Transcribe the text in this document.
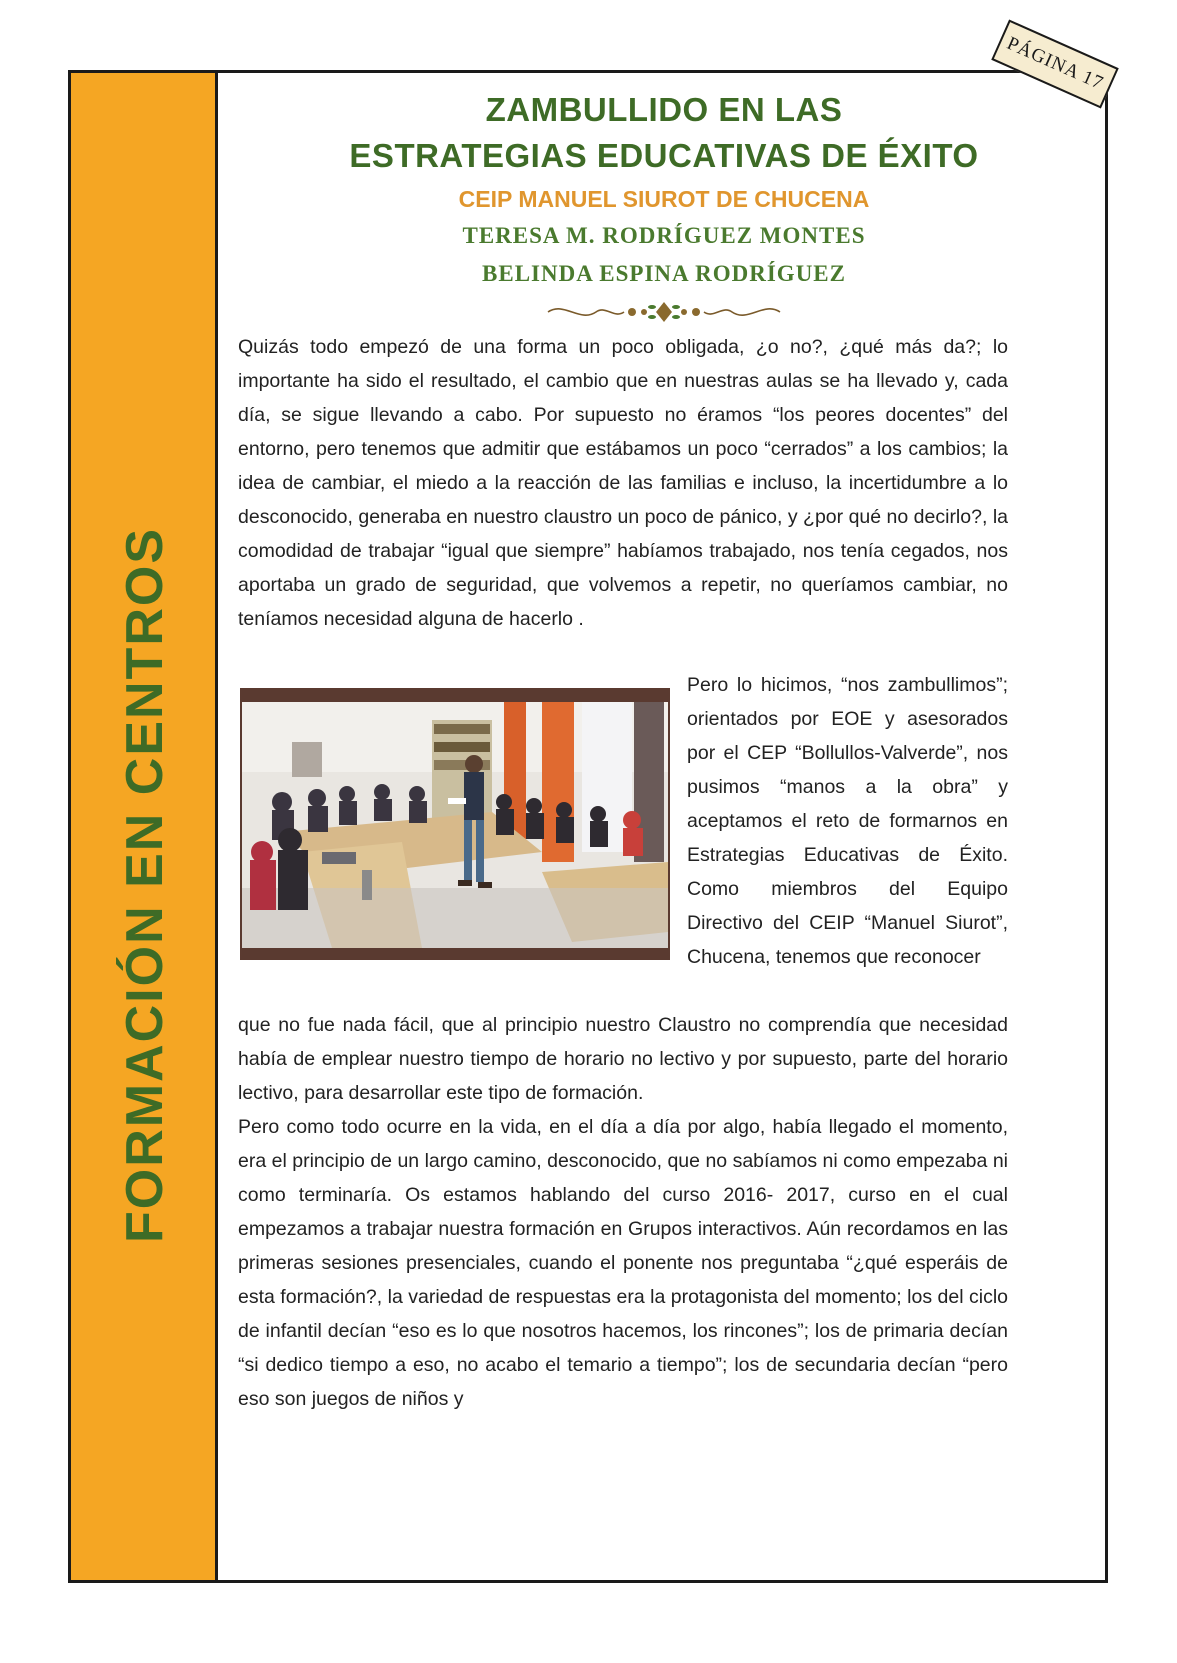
FORMACIÓN EN CENTROS
ZAMBULLIDO EN LAS
ESTRATEGIAS EDUCATIVAS DE ÉXITO
CEIP MANUEL SIUROT DE CHUCENA
TERESA M. RODRÍGUEZ MONTES
BELINDA ESPINA RODRÍGUEZ
PÁGINA 17

Quizás todo empezó de una forma un poco obligada, ¿o no?, ¿qué más da?; lo importante ha sido el resultado, el cambio que en nuestras aulas se ha llevado y, cada día, se sigue llevando a cabo. Por supuesto no éramos “los peores docentes” del entorno, pero tenemos que admitir que estábamos un poco “cerrados” a los cambios; la idea de cambiar, el miedo a la reacción de las familias e incluso, la incertidumbre a lo desconocido, generaba en nuestro claustro un poco de pánico, y ¿por qué no decirlo?, la comodidad de trabajar “igual que siempre” habíamos trabajado, nos tenía cegados, nos aportaba un grado de seguridad, que volvemos a repetir, no queríamos cambiar, no teníamos necesidad alguna de hacerlo .

Pero lo hicimos, “nos zambullimos”; orientados por EOE y asesorados por el CEP “Bollullos-Valverde”, nos pusimos “manos a la obra” y aceptamos el reto de formarnos en Estrategias Educativas de Éxito. Como miembros del Equipo Directivo del CEIP “Manuel Siurot”, Chucena, tenemos que reconocer

que no fue nada fácil, que al principio nuestro Claustro no comprendía que necesidad había de emplear nuestro tiempo de horario no lectivo y por supuesto, parte del horario lectivo, para desarrollar este tipo de formación.

Pero como todo ocurre en la vida, en el día a día por algo, había llegado el momento, era el principio de un largo camino, desconocido, que no sabíamos ni como empezaba ni como terminaría. Os estamos hablando del curso 2016- 2017, curso en el cual empezamos a trabajar nuestra formación en Grupos interactivos. Aún recordamos en las primeras sesiones presenciales, cuando el ponente nos preguntaba “¿qué esperáis de esta formación?, la variedad de respuestas era la protagonista del momento; los del ciclo de infantil decían “eso es lo que nosotros hacemos, los rincones”; los de primaria decían “si dedico tiempo a eso, no acabo el temario a tiempo”; los de secundaria decían “pero eso son juegos de niños y
